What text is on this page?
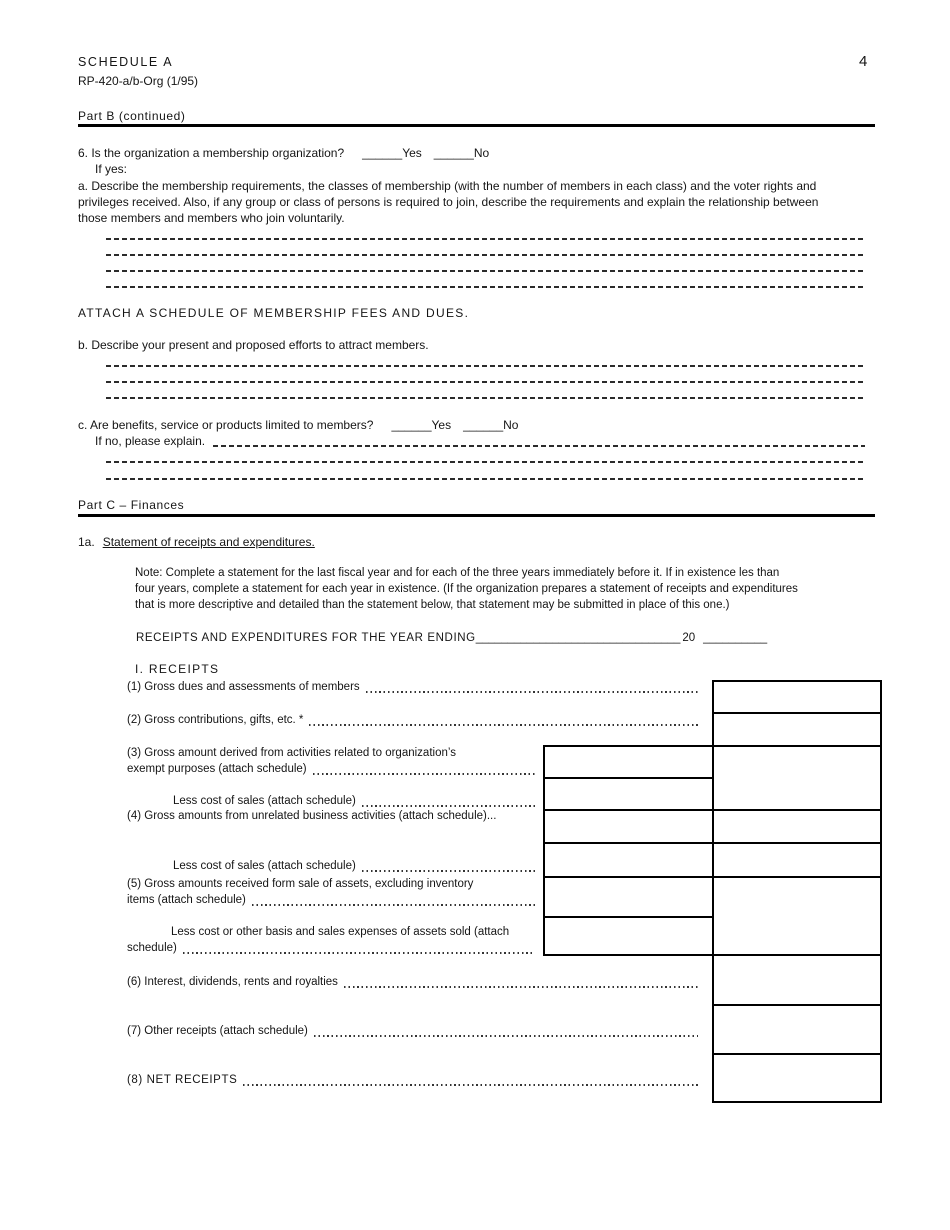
SCHEDULE A
RP-420-a/b-Org (1/95)
4
Part B (continued)
6. Is the organization a membership organization? ______Yes ______No
If yes:
a. Describe the membership requirements, the classes of membership (with the number of members in each class) and the voter rights and
privileges received. Also, if any group or class of persons is required to join, describe the requirements and explain the relationship between
those members and members who join voluntarily.
ATTACH A SCHEDULE OF MEMBERSHIP FEES AND DUES.
b. Describe your present and proposed efforts to attract members.
c. Are benefits, service or products limited to members? ______Yes ______No
If no, please explain.
Part C – Finances
1a. Statement of receipts and expenditures.
Note: Complete a statement for the last fiscal year and for each of the three years immediately before it. If in existence les than
four years, complete a statement for each year in existence. (If the organization prepares a statement of receipts and expenditures
that is more descriptive and detailed than the statement below, that statement may be submitted in place of this one.)
RECEIPTS AND EXPENDITURES FOR THE YEAR ENDING ________________________________ 20 __________
I. RECEIPTS
(1) Gross dues and assessments of members
(2) Gross contributions, gifts, etc. *
(3) Gross amount derived from activities related to organization’s
exempt purposes (attach schedule)
Less cost of sales (attach schedule)
(4) Gross amounts from unrelated business activities (attach schedule)...
Less cost of sales (attach schedule)
(5) Gross amounts received form sale of assets, excluding inventory
items (attach schedule)
Less cost or other basis and sales expenses of assets sold (attach
schedule)
(6) Interest, dividends, rents and royalties
(7) Other receipts (attach schedule)
(8) NET RECEIPTS
